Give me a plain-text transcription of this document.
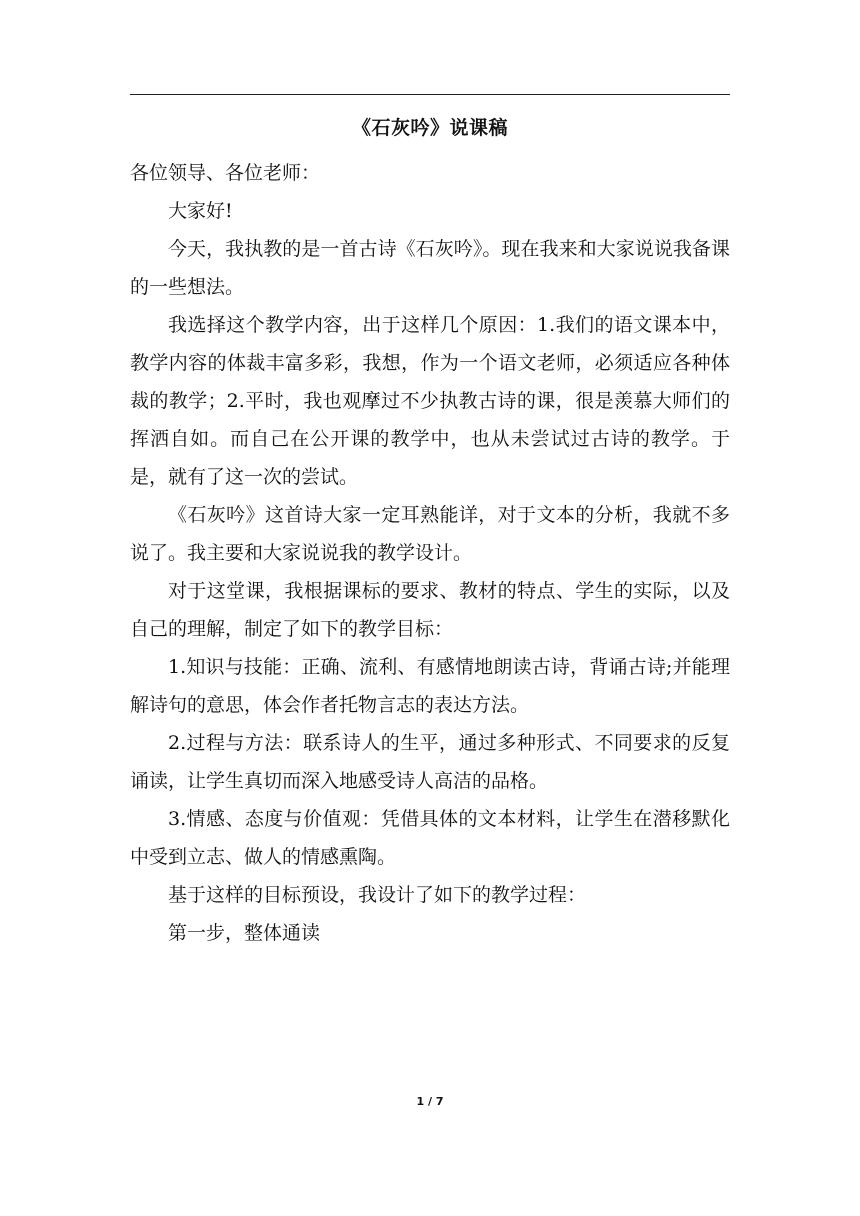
《石灰吟》说课稿

各位领导、各位老师：

大家好!

今天，我执教的是一首古诗《石灰吟》。现在我来和大家说说我备课的一些想法。

我选择这个教学内容，出于这样几个原因：1.我们的语文课本中，教学内容的体裁丰富多彩，我想，作为一个语文老师，必须适应各种体裁的教学；2.平时，我也观摩过不少执教古诗的课，很是羡慕大师们的挥洒自如。而自己在公开课的教学中，也从未尝试过古诗的教学。于是，就有了这一次的尝试。

《石灰吟》这首诗大家一定耳熟能详，对于文本的分析，我就不多说了。我主要和大家说说我的教学设计。

对于这堂课，我根据课标的要求、教材的特点、学生的实际，以及自己的理解，制定了如下的教学目标：

1.知识与技能：正确、流利、有感情地朗读古诗，背诵古诗;并能理解诗句的意思，体会作者托物言志的表达方法。

2.过程与方法：联系诗人的生平，通过多种形式、不同要求的反复诵读，让学生真切而深入地感受诗人高洁的品格。

3.情感、态度与价值观：凭借具体的文本材料，让学生在潜移默化中受到立志、做人的情感熏陶。

基于这样的目标预设，我设计了如下的教学过程：

第一步，整体通读

1 / 7
